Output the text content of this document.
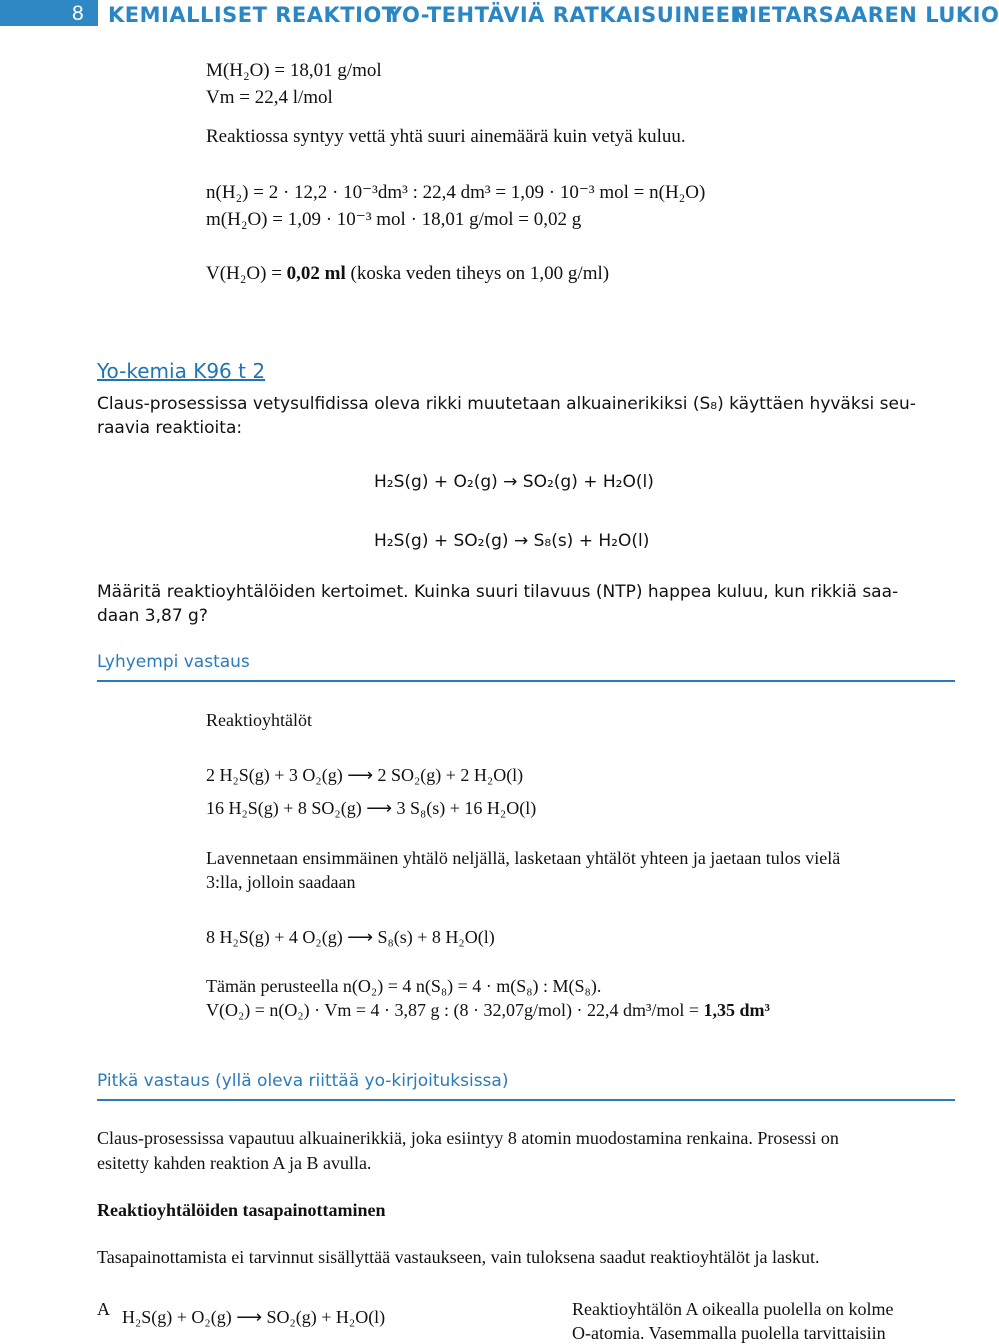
8 KEMIALLISET REAKTIOT
YO-TEHTÄVIÄ RATKAISUINEEN
PIETARSAAREN LUKIO
M(H₂O) = 18,01 g/mol
Vm = 22,4 l/mol
Reaktiossa syntyy vettä yhtä suuri ainemäärä kuin vetyä kuluu.
n(H₂) = 2 · 12,2 · 10⁻³dm³ : 22,4 dm³ = 1,09 · 10⁻³ mol = n(H₂O)
m(H₂O) = 1,09 · 10⁻³ mol · 18,01 g/mol = 0,02 g
V(H₂O) = 0,02 ml (koska veden tiheys on 1,00 g/ml)
Yo-kemia K96 t 2
Claus-prosessissa vetysulfidissa oleva rikki muutetaan alkuainerikiksi (S₈) käyttäen hyväksi seu-
raavia reaktioita:
H₂S(g) + O₂(g) → SO₂(g) + H₂O(l)
H₂S(g) + SO₂(g) → S₈(s) + H₂O(l)
Määritä reaktioyhtälöiden kertoimet. Kuinka suuri tilavuus (NTP) happea kuluu, kun rikkiä saa-
daan 3,87 g?
Lyhyempi vastaus
Reaktioyhtälöt
2 H₂S(g) + 3 O₂(g) ⟶ 2 SO₂(g) + 2 H₂O(l)
16 H₂S(g) + 8 SO₂(g) ⟶ 3 S₈(s) + 16 H₂O(l)
Lavennetaan ensimmäinen yhtälö neljällä, lasketaan yhtälöt yhteen ja jaetaan tulos vielä
3:lla, jolloin saadaan
8 H₂S(g) + 4 O₂(g) ⟶ S₈(s) + 8 H₂O(l)
Tämän perusteella n(O₂) = 4 n(S₈) = 4 · m(S₈) : M(S₈).
V(O₂) = n(O₂) · Vm = 4 · 3,87 g : (8 · 32,07g/mol) · 22,4 dm³/mol = 1,35 dm³
Pitkä vastaus (yllä oleva riittää yo-kirjoituksissa)
Claus-prosessissa vapautuu alkuainerikkiä, joka esiintyy 8 atomin muodostamina renkaina. Prosessi on
esitetty kahden reaktion A ja B avulla.
Reaktioyhtälöiden tasapainottaminen
Tasapainottamista ei tarvinnut sisällyttää vastaukseen, vain tuloksena saadut reaktioyhtälöt ja laskut.
A H₂S(g) + O₂(g) ⟶ SO₂(g) + H₂O(l)	Reaktioyhtälön A oikealla puolella on kolme
O-atomia. Vasemmalla puolella tarvittaisiin
